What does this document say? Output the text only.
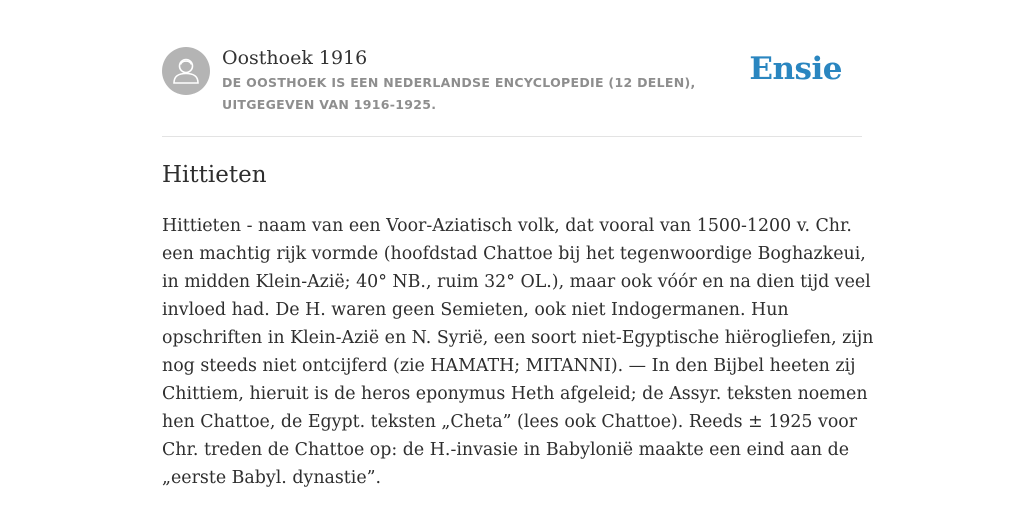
Oosthoek 1916
DE OOSTHOEK IS EEN NEDERLANDSE ENCYCLOPEDIE (12 DELEN), UITGEGEVEN VAN 1916-1925.
Ensie
Hittieten

Hittieten - naam van een Voor-Aziatisch volk, dat vooral van 1500-1200 v. Chr.
een machtig rijk vormde (hoofdstad Chattoe bij het tegenwoordige Boghazkeui,
in midden Klein-Azië; 40° NB., ruim 32° OL.), maar ook vóór en na dien tijd veel
invloed had. De H. waren geen Semieten, ook niet Indogermanen. Hun
opschriften in Klein-Azië en N. Syrië, een soort niet-Egyptische hiërogliefen, zijn
nog steeds niet ontcijferd (zie HAMATH; MITANNI). — In den Bijbel heeten zij
Chittiem, hieruit is de heros eponymus Heth afgeleid; de Assyr. teksten noemen
hen Chattoe, de Egypt. teksten „Cheta” (lees ook Chattoe). Reeds ± 1925 voor
Chr. treden de Chattoe op: de H.-invasie in Babylonië maakte een eind aan de
„eerste Babyl. dynastie”.
